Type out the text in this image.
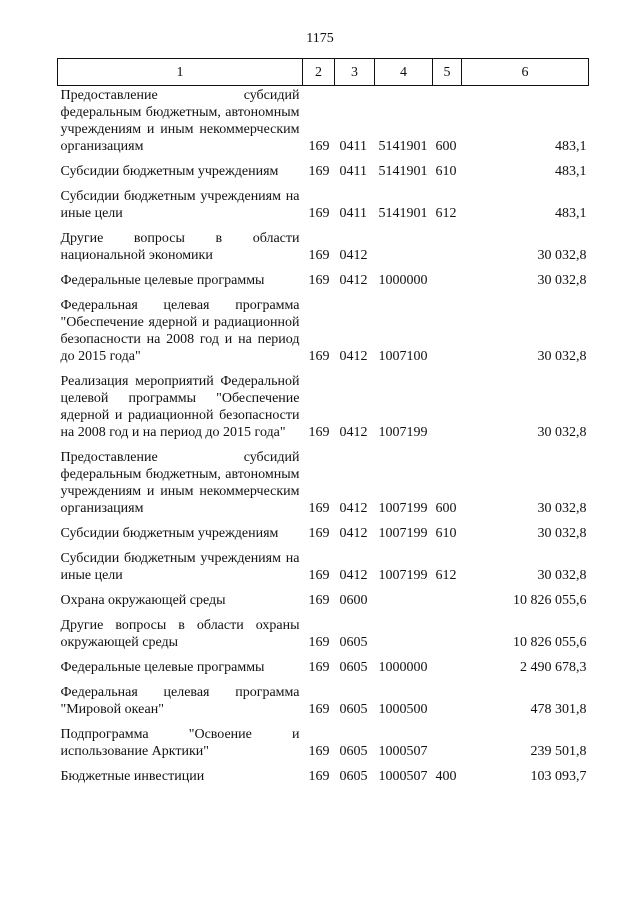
1175
1	2	3	4	5	6
Предоставление субсидий федеральным бюджетным, автономным учреждениям и иным некоммерческим организациям	169	0411	5141901	600	483,1
Субсидии бюджетным учреждениям	169	0411	5141901	610	483,1
Субсидии бюджетным учреждениям на иные цели	169	0411	5141901	612	483,1
Другие вопросы в области национальной экономики	169	0412			30 032,8
Федеральные целевые программы	169	0412	1000000		30 032,8
Федеральная целевая программа "Обеспечение ядерной и радиационной безопасности на 2008 год и на период до 2015 года"	169	0412	1007100		30 032,8
Реализация мероприятий Федеральной целевой программы "Обеспечение ядерной и радиационной безопасности на 2008 год и на период до 2015 года"	169	0412	1007199		30 032,8
Предоставление субсидий федеральным бюджетным, автономным учреждениям и иным некоммерческим организациям	169	0412	1007199	600	30 032,8
Субсидии бюджетным учреждениям	169	0412	1007199	610	30 032,8
Субсидии бюджетным учреждениям на иные цели	169	0412	1007199	612	30 032,8
Охрана окружающей среды	169	0600			10 826 055,6
Другие вопросы в области охраны окружающей среды	169	0605			10 826 055,6
Федеральные целевые программы	169	0605	1000000		2 490 678,3
Федеральная целевая программа "Мировой океан"	169	0605	1000500		478 301,8
Подпрограмма "Освоение и использование Арктики"	169	0605	1000507		239 501,8
Бюджетные инвестиции	169	0605	1000507	400	103 093,7
